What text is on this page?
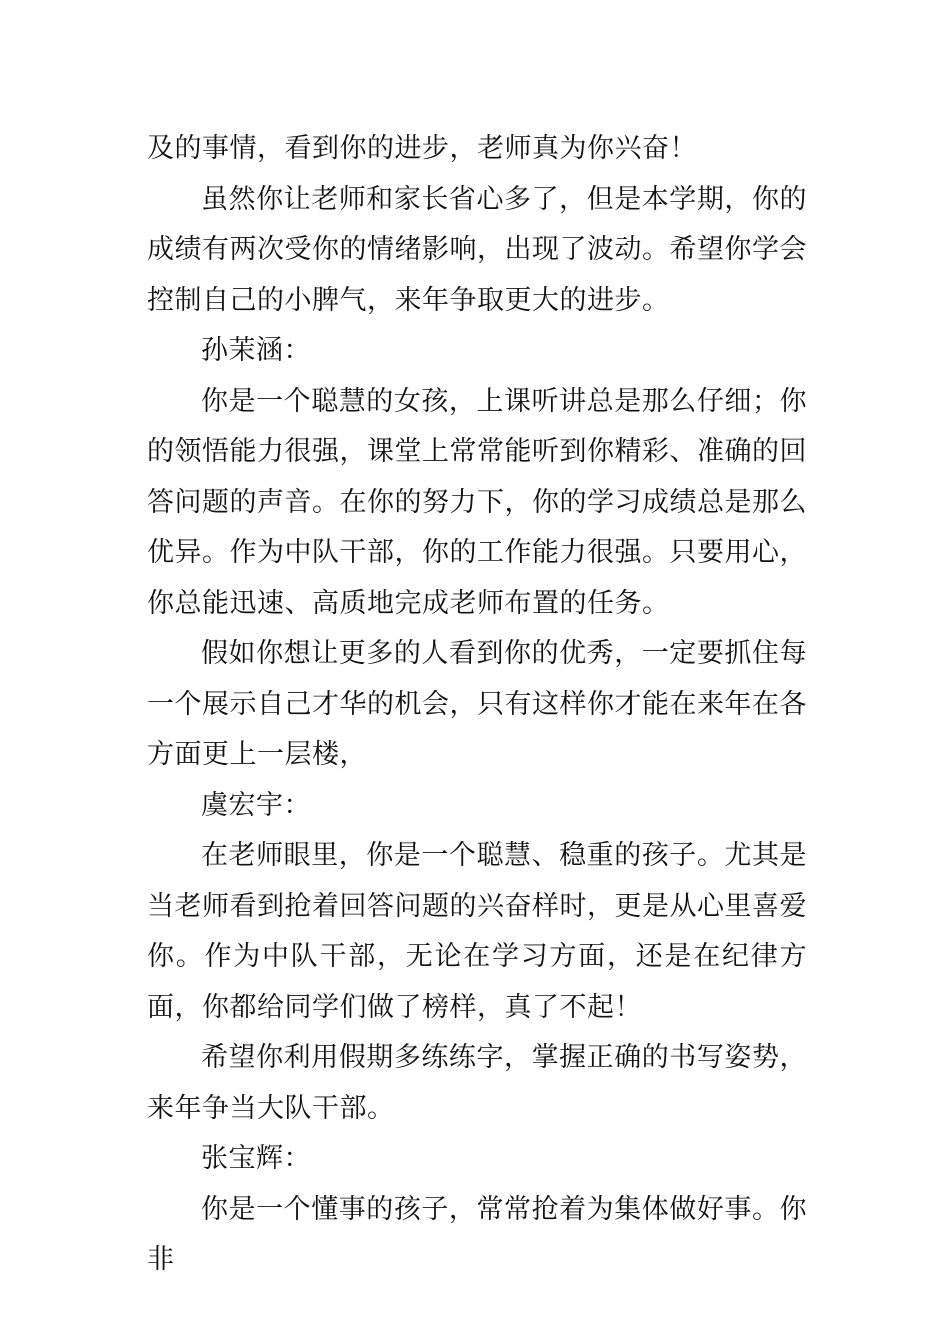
及的事情，看到你的进步，老师真为你兴奋！

虽然你让老师和家长省心多了，但是本学期，你的成绩有两次受你的情绪影响，出现了波动。希望你学会控制自己的小脾气，来年争取更大的进步。

孙茉涵：

你是一个聪慧的女孩，上课听讲总是那么仔细；你的领悟能力很强，课堂上常常能听到你精彩、准确的回答问题的声音。在你的努力下，你的学习成绩总是那么优异。作为中队干部，你的工作能力很强。只要用心，你总能迅速、高质地完成老师布置的任务。

假如你想让更多的人看到你的优秀，一定要抓住每一个展示自己才华的机会，只有这样你才能在来年在各方面更上一层楼，

虞宏宇：

在老师眼里，你是一个聪慧、稳重的孩子。尤其是当老师看到抢着回答问题的兴奋样时，更是从心里喜爱你。作为中队干部，无论在学习方面，还是在纪律方面，你都给同学们做了榜样，真了不起！

希望你利用假期多练练字，掌握正确的书写姿势，来年争当大队干部。

张宝辉：

你是一个懂事的孩子，常常抢着为集体做好事。你非
